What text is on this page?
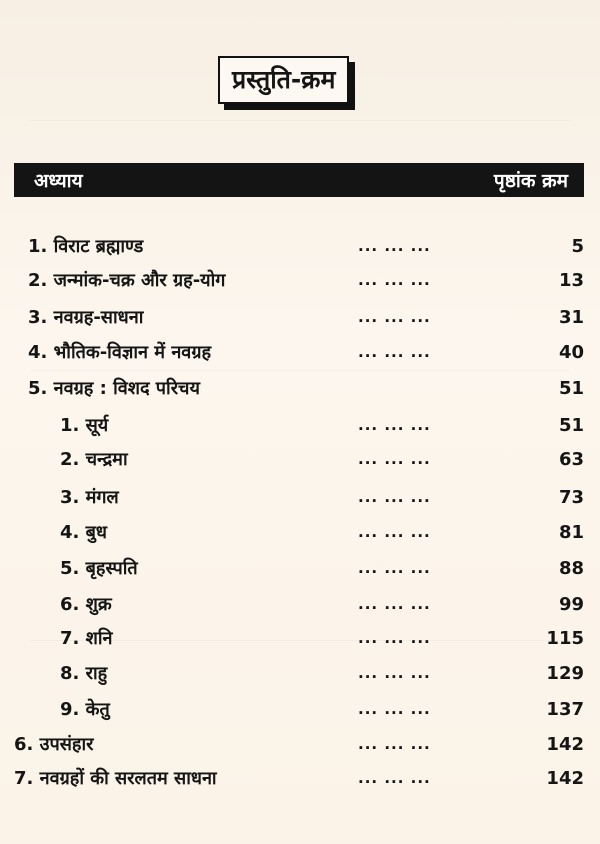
प्रस्तुति-क्रम
अध्याय	पृष्ठांक क्रम
1. विराट ब्रह्माण्ड	... ... ...	5
2. जन्मांक-चक्र और ग्रह-योग	... ... ...	13
3. नवग्रह-साधना	... ... ...	31
4. भौतिक-विज्ञान में नवग्रह	... ... ...	40
5. नवग्रह : विशद परिचय	51
1. सूर्य	... ... ...	51
2. चन्द्रमा	... ... ...	63
3. मंगल	... ... ...	73
4. बुध	... ... ...	81
5. बृहस्पति	... ... ...	88
6. शुक्र	... ... ...	99
7. शनि	... ... ...	115
8. राहु	... ... ...	129
9. केतु	... ... ...	137
6. उपसंहार	... ... ...	142
7. नवग्रहों की सरलतम साधना	... ... ...	142
